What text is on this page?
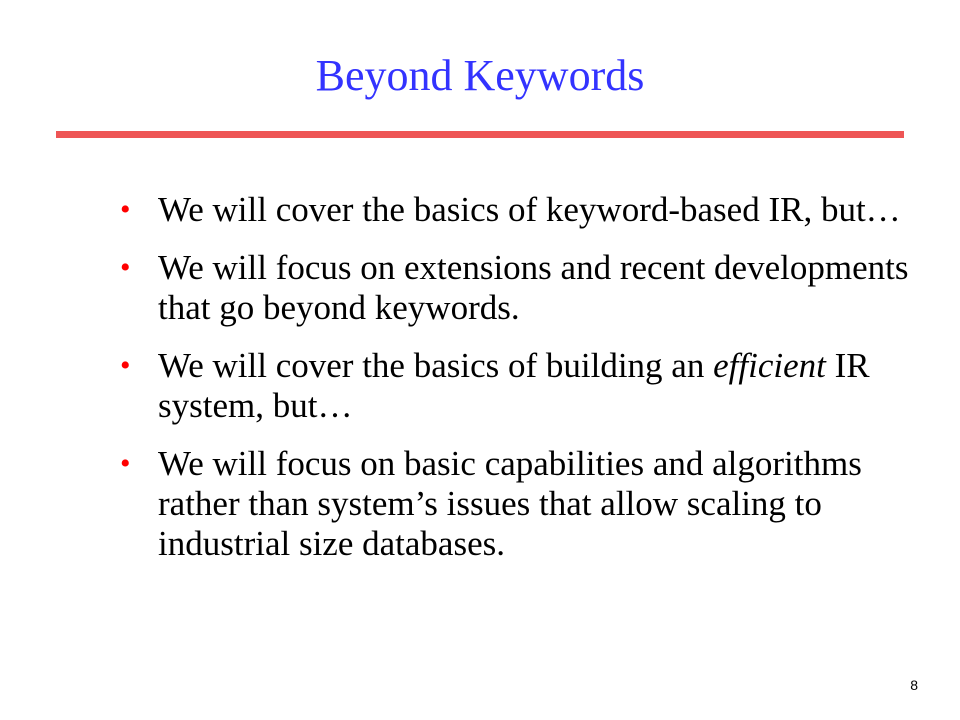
Beyond Keywords
• We will cover the basics of keyword-based IR, but…
• We will focus on extensions and recent developments that go beyond keywords.
• We will cover the basics of building an efficient IR system, but…
• We will focus on basic capabilities and algorithms rather than system’s issues that allow scaling to industrial size databases.
8
